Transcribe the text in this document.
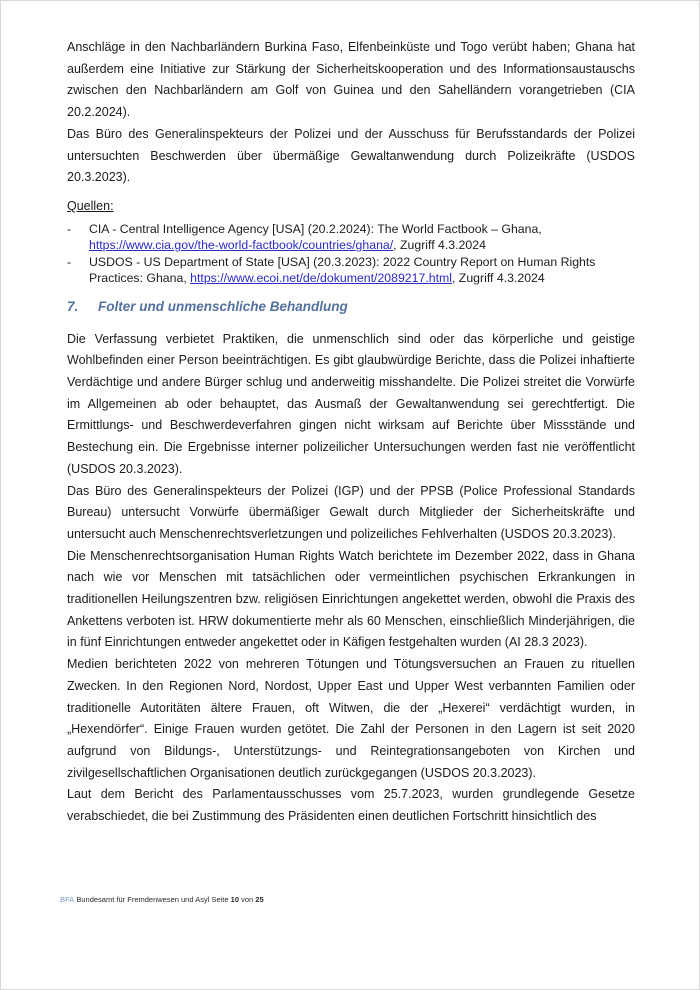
Anschläge in den Nachbarländern Burkina Faso, Elfenbeinküste und Togo verübt haben; Ghana hat außerdem eine Initiative zur Stärkung der Sicherheitskooperation und des Informationsaustauschs zwischen den Nachbarländern am Golf von Guinea und den Sahelländern vorangetrieben (CIA 20.2.2024).

Das Büro des Generalinspekteurs der Polizei und der Ausschuss für Berufsstandards der Polizei untersuchten Beschwerden über übermäßige Gewaltanwendung durch Polizeikräfte (USDOS 20.3.2023).

Quellen:
-	CIA - Central Intelligence Agency [USA] (20.2.2024): The World Factbook – Ghana, https://www.cia.gov/the-world-factbook/countries/ghana/, Zugriff 4.3.2024
-	USDOS - US Department of State [USA] (20.3.2023): 2022 Country Report on Human Rights Practices: Ghana, https://www.ecoi.net/de/dokument/2089217.html, Zugriff 4.3.2024
7.	Folter und unmenschliche Behandlung

Die Verfassung verbietet Praktiken, die unmenschlich sind oder das körperliche und geistige Wohlbefinden einer Person beeinträchtigen. Es gibt glaubwürdige Berichte, dass die Polizei inhaftierte Verdächtige und andere Bürger schlug und anderweitig misshandelte. Die Polizei streitet die Vorwürfe im Allgemeinen ab oder behauptet, das Ausmaß der Gewaltanwendung sei gerechtfertigt. Die Ermittlungs- und Beschwerdeverfahren gingen nicht wirksam auf Berichte über Missstände und Bestechung ein. Die Ergebnisse interner polizeilicher Untersuchungen werden fast nie veröffentlicht (USDOS 20.3.2023).

Das Büro des Generalinspekteurs der Polizei (IGP) und der PPSB (Police Professional Standards Bureau) untersucht Vorwürfe übermäßiger Gewalt durch Mitglieder der Sicherheitskräfte und untersucht auch Menschenrechtsverletzungen und polizeiliches Fehlverhalten (USDOS 20.3.2023).

Die Menschenrechtsorganisation Human Rights Watch berichtete im Dezember 2022, dass in Ghana nach wie vor Menschen mit tatsächlichen oder vermeintlichen psychischen Erkrankungen in traditionellen Heilungszentren bzw. religiösen Einrichtungen angekettet werden, obwohl die Praxis des Ankettens verboten ist. HRW dokumentierte mehr als 60 Menschen, einschließlich Minderjährigen, die in fünf Einrichtungen entweder angekettet oder in Käfigen festgehalten wurden (AI 28.3 2023).

Medien berichteten 2022 von mehreren Tötungen und Tötungsversuchen an Frauen zu rituellen Zwecken. In den Regionen Nord, Nordost, Upper East und Upper West verbannten Familien oder traditionelle Autoritäten ältere Frauen, oft Witwen, die der „Hexerei“ verdächtigt wurden, in „Hexendörfer“. Einige Frauen wurden getötet. Die Zahl der Personen in den Lagern ist seit 2020 aufgrund von Bildungs-, Unterstützungs- und Reintegrationsangeboten von Kirchen und zivilgesellschaftlichen Organisationen deutlich zurückgegangen (USDOS 20.3.2023).

Laut dem Bericht des Parlamentausschusses vom 25.7.2023, wurden grundlegende Gesetze verabschiedet, die bei Zustimmung des Präsidenten einen deutlichen Fortschritt hinsichtlich des

.BFA Bundesamt für Fremdenwesen und Asyl Seite 10 von 25
